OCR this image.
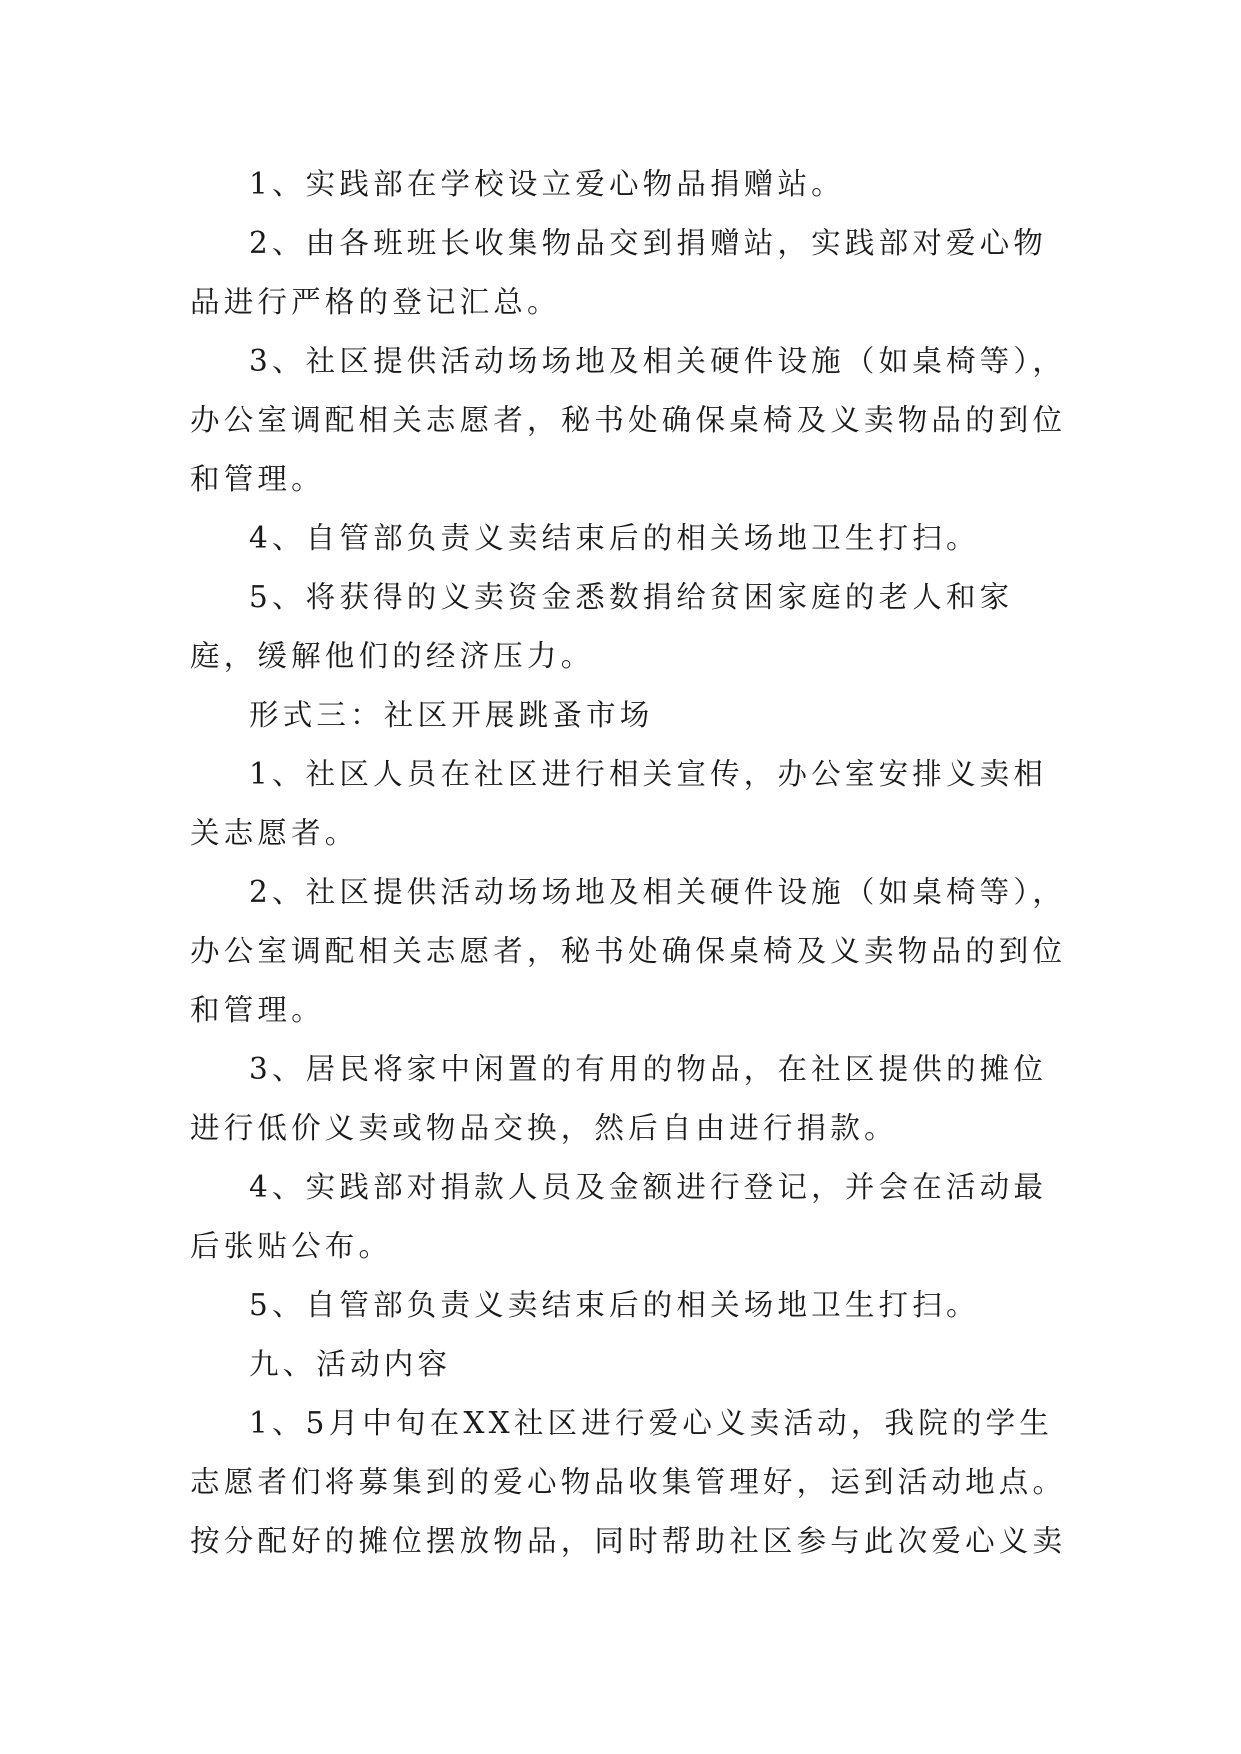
1、实践部在学校设立爱心物品捐赠站。

2、由各班班长收集物品交到捐赠站，实践部对爱心物品进行严格的登记汇总。

3、社区提供活动场场地及相关硬件设施（如桌椅等），办公室调配相关志愿者，秘书处确保桌椅及义卖物品的到位和管理。

4、自管部负责义卖结束后的相关场地卫生打扫。

5、将获得的义卖资金悉数捐给贫困家庭的老人和家庭，缓解他们的经济压力。

形式三：社区开展跳蚤市场

1、社区人员在社区进行相关宣传，办公室安排义卖相关志愿者。

2、社区提供活动场场地及相关硬件设施（如桌椅等），办公室调配相关志愿者，秘书处确保桌椅及义卖物品的到位和管理。

3、居民将家中闲置的有用的物品，在社区提供的摊位进行低价义卖或物品交换，然后自由进行捐款。

4、实践部对捐款人员及金额进行登记，并会在活动最后张贴公布。

5、自管部负责义卖结束后的相关场地卫生打扫。

九、活动内容

1、5月中旬在XX社区进行爱心义卖活动，我院的学生志愿者们将募集到的爱心物品收集管理好，运到活动地点。按分配好的摊位摆放物品，同时帮助社区参与此次爱心义卖
